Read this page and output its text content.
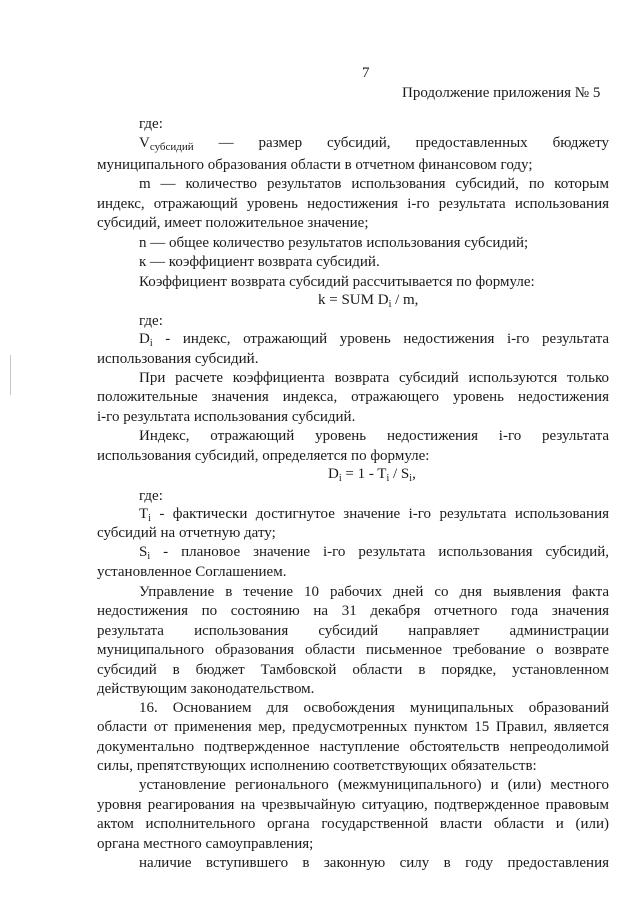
7
Продолжение приложения № 5
где:
$V_{субсидий}$ — размер субсидий, предоставленных бюджету
муниципального образования области в отчетном финансовом году;
m — количество результатов использования субсидий, по которым
индекс, отражающий уровень недостижения i-го результата использования
субсидий, имеет положительное значение;
n — общее количество результатов использования субсидий;
к — коэффициент возврата субсидий.
Коэффициент возврата субсидий рассчитывается по формуле:
k = SUM $D_i$ / m,
где:
$D_i$ - индекс, отражающий уровень недостижения i-го результата
использования субсидий.
При расчете коэффициента возврата субсидий используются только
положительные значения индекса, отражающего уровень недостижения
i-го результата использования субсидий.
Индекс, отражающий уровень недостижения i-го результата
использования субсидий, определяется по формуле:
$D_i = 1 - T_i / S_i$,
где:
$T_i$ - фактически достигнутое значение i-го результата использования
субсидий на отчетную дату;
$S_i$ - плановое значение i-го результата использования субсидий,
установленное Соглашением.
Управление в течение 10 рабочих дней со дня выявления факта
недостижения по состоянию на 31 декабря отчетного года значения
результата использования субсидий направляет администрации
муниципального образования области письменное требование о возврате
субсидий в бюджет Тамбовской области в порядке, установленном
действующим законодательством.
16. Основанием для освобождения муниципальных образований
области от применения мер, предусмотренных пунктом 15 Правил, является
документально подтвержденное наступление обстоятельств непреодолимой
силы, препятствующих исполнению соответствующих обязательств:
установление регионального (межмуниципального) и (или) местного
уровня реагирования на чрезвычайную ситуацию, подтвержденное правовым
актом исполнительного органа государственной власти области и (или)
органа местного самоуправления;
наличие вступившего в законную силу в году предоставления
